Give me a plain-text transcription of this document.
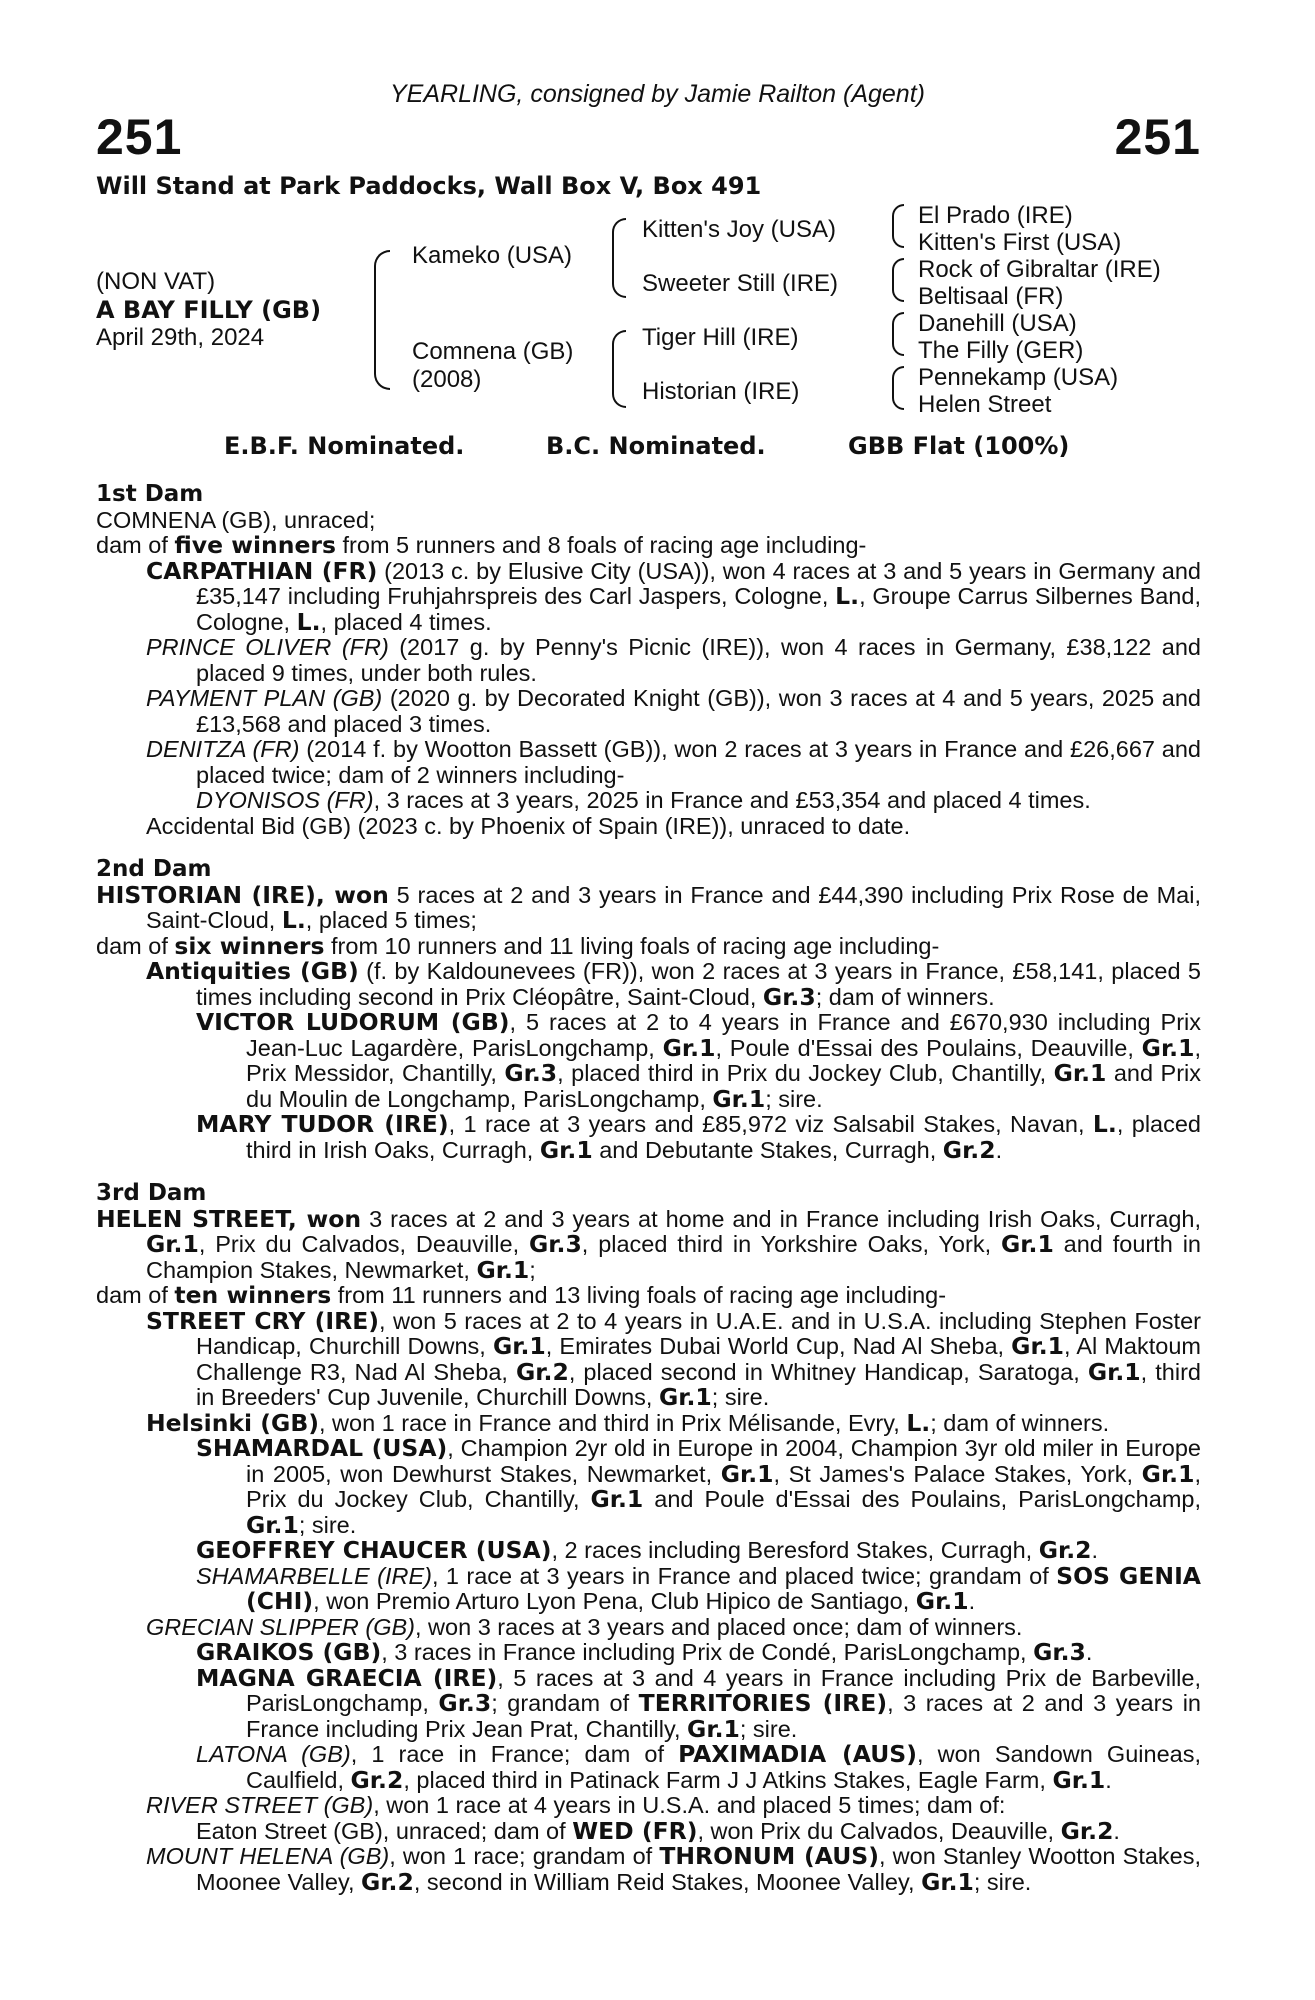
YEARLING, consigned by Jamie Railton (Agent)
251	251
Will Stand at Park Paddocks, Wall Box V, Box 491
(NON VAT)
A BAY FILLY (GB)
April 29th, 2024
Kameko (USA)
Comnena (GB)
(2008)
Kitten's Joy (USA)
Sweeter Still (IRE)
Tiger Hill (IRE)
Historian (IRE)
El Prado (IRE)
Kitten's First (USA)
Rock of Gibraltar (IRE)
Beltisaal (FR)
Danehill (USA)
The Filly (GER)
Pennekamp (USA)
Helen Street
E.B.F. Nominated.	B.C. Nominated.	GBB Flat (100%)
1st Dam
COMNENA (GB), unraced;
dam of five winners from 5 runners and 8 foals of racing age including-
CARPATHIAN (FR) (2013 c. by Elusive City (USA)), won 4 races at 3 and 5 years in Germany and £35,147 including Fruhjahrspreis des Carl Jaspers, Cologne, L., Groupe Carrus Silbernes Band, Cologne, L., placed 4 times.
PRINCE OLIVER (FR) (2017 g. by Penny's Picnic (IRE)), won 4 races in Germany, £38,122 and placed 9 times, under both rules.
PAYMENT PLAN (GB) (2020 g. by Decorated Knight (GB)), won 3 races at 4 and 5 years, 2025 and £13,568 and placed 3 times.
DENITZA (FR) (2014 f. by Wootton Bassett (GB)), won 2 races at 3 years in France and £26,667 and placed twice; dam of 2 winners including-
DYONISOS (FR), 3 races at 3 years, 2025 in France and £53,354 and placed 4 times.
Accidental Bid (GB) (2023 c. by Phoenix of Spain (IRE)), unraced to date.
2nd Dam
HISTORIAN (IRE), won 5 races at 2 and 3 years in France and £44,390 including Prix Rose de Mai, Saint-Cloud, L., placed 5 times;
dam of six winners from 10 runners and 11 living foals of racing age including-
Antiquities (GB) (f. by Kaldounevees (FR)), won 2 races at 3 years in France, £58,141, placed 5 times including second in Prix Cléopâtre, Saint-Cloud, Gr.3; dam of winners.
VICTOR LUDORUM (GB), 5 races at 2 to 4 years in France and £670,930 including Prix Jean-Luc Lagardère, ParisLongchamp, Gr.1, Poule d'Essai des Poulains, Deauville, Gr.1, Prix Messidor, Chantilly, Gr.3, placed third in Prix du Jockey Club, Chantilly, Gr.1 and Prix du Moulin de Longchamp, ParisLongchamp, Gr.1; sire.
MARY TUDOR (IRE), 1 race at 3 years and £85,972 viz Salsabil Stakes, Navan, L., placed third in Irish Oaks, Curragh, Gr.1 and Debutante Stakes, Curragh, Gr.2.
3rd Dam
HELEN STREET, won 3 races at 2 and 3 years at home and in France including Irish Oaks, Curragh, Gr.1, Prix du Calvados, Deauville, Gr.3, placed third in Yorkshire Oaks, York, Gr.1 and fourth in Champion Stakes, Newmarket, Gr.1;
dam of ten winners from 11 runners and 13 living foals of racing age including-
STREET CRY (IRE), won 5 races at 2 to 4 years in U.A.E. and in U.S.A. including Stephen Foster Handicap, Churchill Downs, Gr.1, Emirates Dubai World Cup, Nad Al Sheba, Gr.1, Al Maktoum Challenge R3, Nad Al Sheba, Gr.2, placed second in Whitney Handicap, Saratoga, Gr.1, third in Breeders' Cup Juvenile, Churchill Downs, Gr.1; sire.
Helsinki (GB), won 1 race in France and third in Prix Mélisande, Evry, L.; dam of winners.
SHAMARDAL (USA), Champion 2yr old in Europe in 2004, Champion 3yr old miler in Europe in 2005, won Dewhurst Stakes, Newmarket, Gr.1, St James's Palace Stakes, York, Gr.1, Prix du Jockey Club, Chantilly, Gr.1 and Poule d'Essai des Poulains, ParisLongchamp, Gr.1; sire.
GEOFFREY CHAUCER (USA), 2 races including Beresford Stakes, Curragh, Gr.2.
SHAMARBELLE (IRE), 1 race at 3 years in France and placed twice; grandam of SOS GENIA (CHI), won Premio Arturo Lyon Pena, Club Hipico de Santiago, Gr.1.
GRECIAN SLIPPER (GB), won 3 races at 3 years and placed once; dam of winners.
GRAIKOS (GB), 3 races in France including Prix de Condé, ParisLongchamp, Gr.3.
MAGNA GRAECIA (IRE), 5 races at 3 and 4 years in France including Prix de Barbeville, ParisLongchamp, Gr.3; grandam of TERRITORIES (IRE), 3 races at 2 and 3 years in France including Prix Jean Prat, Chantilly, Gr.1; sire.
LATONA (GB), 1 race in France; dam of PAXIMADIA (AUS), won Sandown Guineas, Caulfield, Gr.2, placed third in Patinack Farm J J Atkins Stakes, Eagle Farm, Gr.1.
RIVER STREET (GB), won 1 race at 4 years in U.S.A. and placed 5 times; dam of:
Eaton Street (GB), unraced; dam of WED (FR), won Prix du Calvados, Deauville, Gr.2.
MOUNT HELENA (GB), won 1 race; grandam of THRONUM (AUS), won Stanley Wootton Stakes, Moonee Valley, Gr.2, second in William Reid Stakes, Moonee Valley, Gr.1; sire.
